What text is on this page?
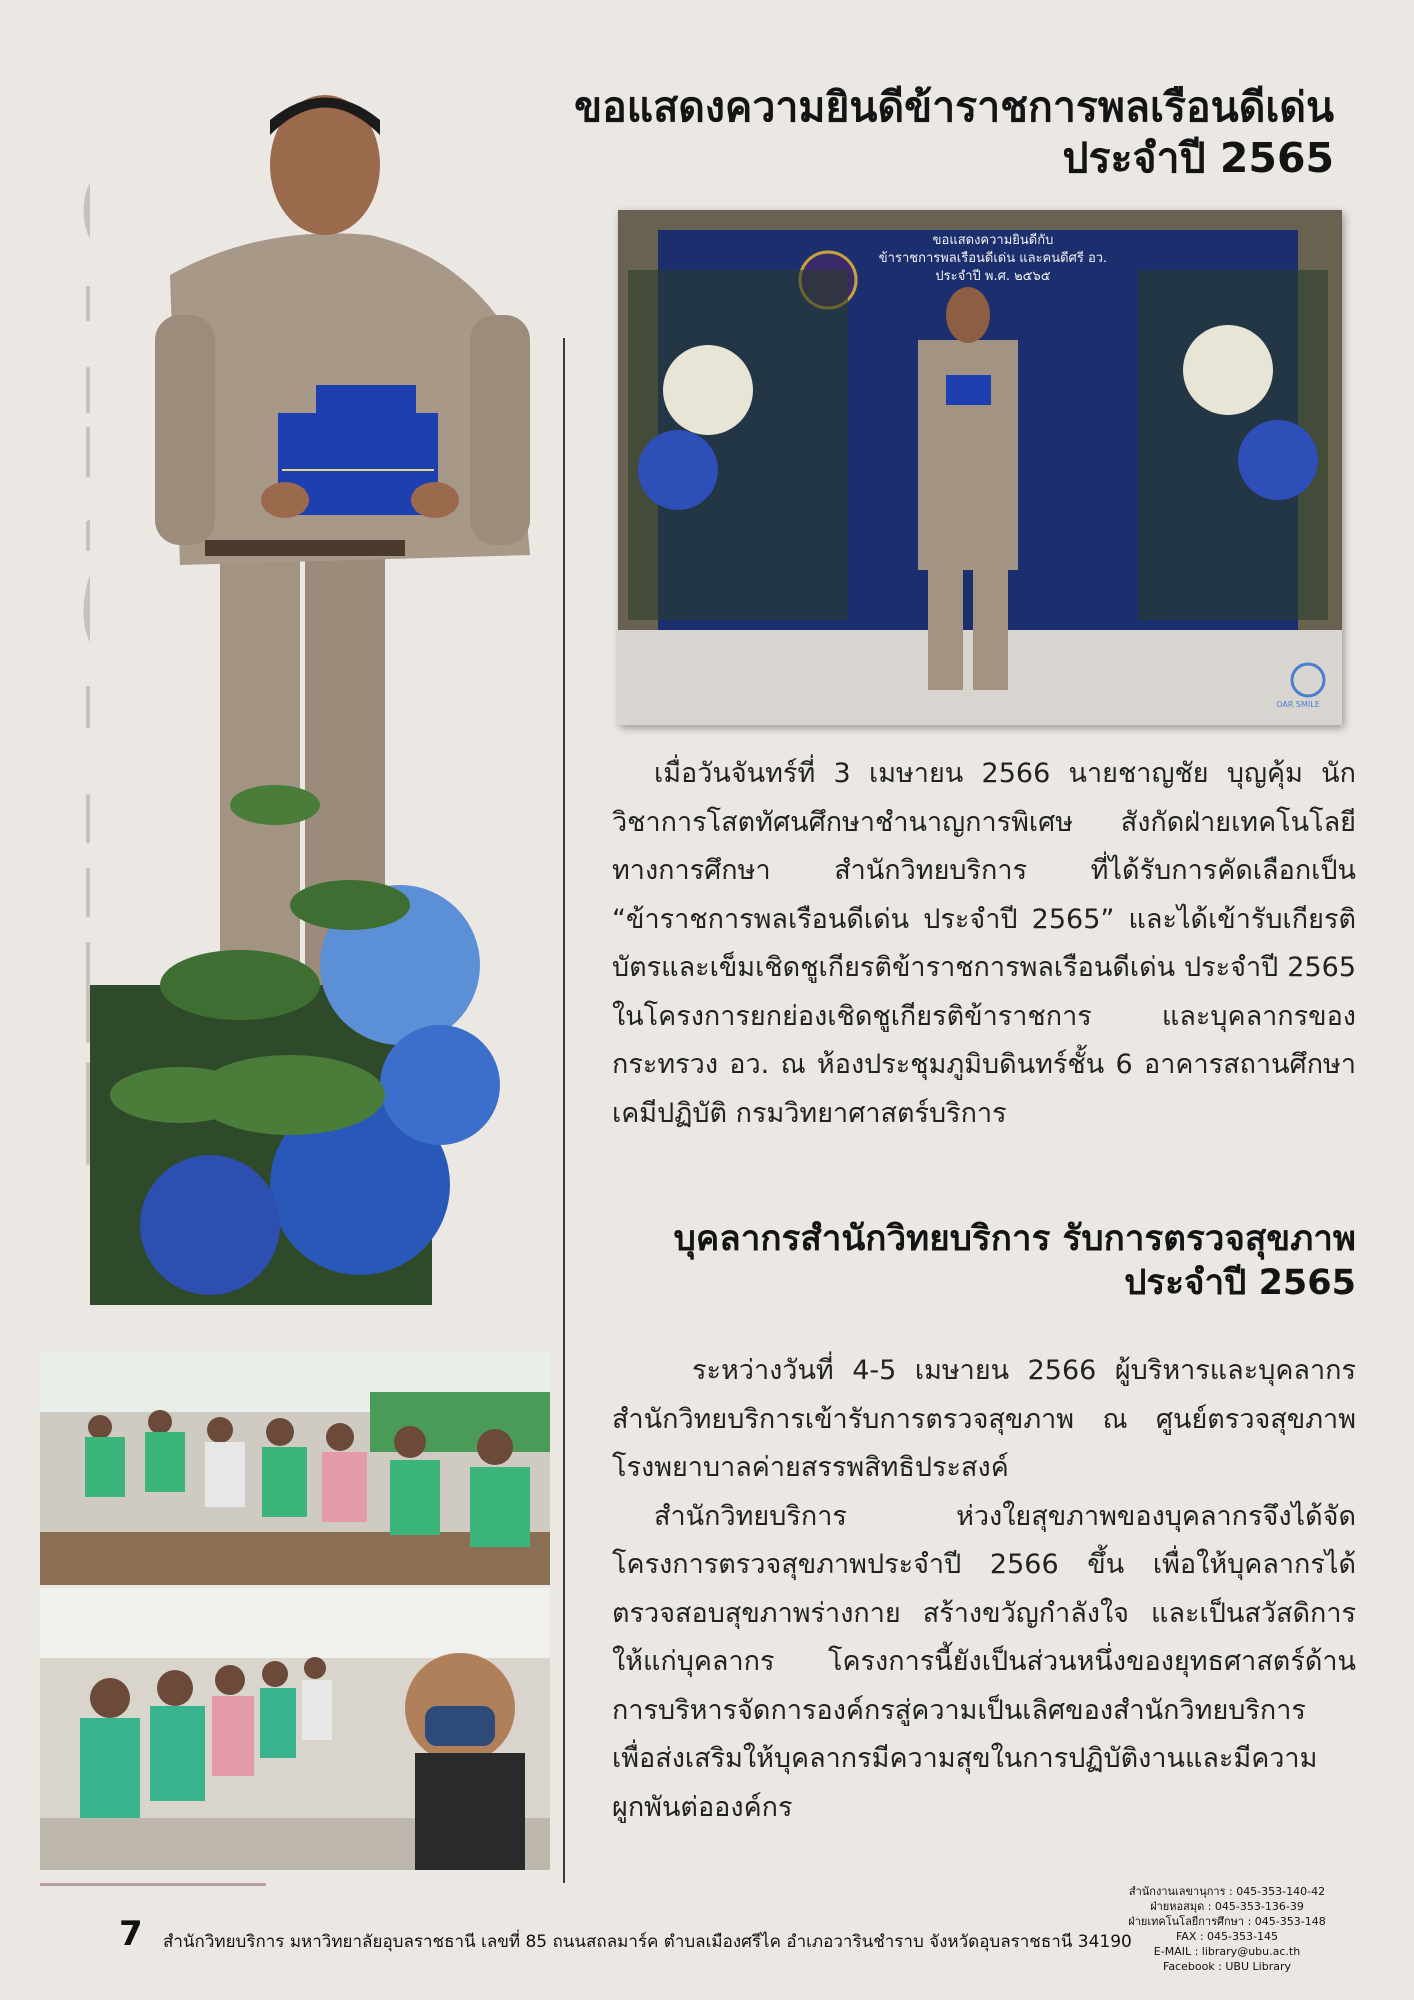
ขอแสดงความยินดีข้าราชการพลเรือนดีเด่น
ประจำปี 2565
ขอแสดงความยินดีกับ
ข้าราชการพลเรือนดีเด่น และคนดีศรี อว.
ประจำปี พ.ศ. ๒๕๖๕
OAR SMILE

เมื่อวันจันทร์ที่ 3 เมษายน 2566 นายชาญชัย บุญคุ้ม นักวิชาการโสตทัศนศึกษาชำนาญการพิเศษ สังกัดฝ่ายเทคโนโลยีทางการศึกษา สำนักวิทยบริการ ที่ได้รับการคัดเลือกเป็น “ข้าราชการพลเรือนดีเด่น ประจำปี 2565” และได้เข้ารับเกียรติบัตรและเข็มเชิดชูเกียรติข้าราชการพลเรือนดีเด่น ประจำปี 2565 ในโครงการยกย่องเชิดชูเกียรติข้าราชการ และบุคลากรของกระทรวง อว. ณ ห้องประชุมภูมิบดินทร์ชั้น 6 อาคารสถานศึกษาเคมีปฏิบัติ กรมวิทยาศาสตร์บริการ

บุคลากรสำนักวิทยบริการ รับการตรวจสุขภาพ
ประจำปี 2565

ระหว่างวันที่ 4-5 เมษายน 2566 ผู้บริหารและบุคลากรสำนักวิทยบริการเข้ารับการตรวจสุขภาพ ณ ศูนย์ตรวจสุขภาพ โรงพยาบาลค่ายสรรพสิทธิประสงค์

สำนักวิทยบริการ ห่วงใยสุขภาพของบุคลากรจึงได้จัดโครงการตรวจสุขภาพประจำปี 2566 ขึ้น เพื่อให้บุคลากรได้ตรวจสอบสุขภาพร่างกาย สร้างขวัญกำลังใจ และเป็นสวัสดิการให้แก่บุคลากร โครงการนี้ยังเป็นส่วนหนึ่งของยุทธศาสตร์ด้านการบริหารจัดการองค์กรสู่ความเป็นเลิศของสำนักวิทยบริการ เพื่อส่งเสริมให้บุคลากรมีความสุขในการปฏิบัติงานและมีความผูกพันต่อองค์กร

7 สำนักวิทยบริการ มหาวิทยาลัยอุบลราชธานี เลขที่ 85 ถนนสถลมาร์ค ตำบลเมืองศรีไค อำเภอวารินชำราบ จังหวัดอุบลราชธานี 34190
สำนักงานเลขานุการ : 045-353-140-42
ฝ่ายหอสมุด : 045-353-136-39
ฝ่ายเทคโนโลยีการศึกษา : 045-353-148
FAX : 045-353-145
E-MAIL : library@ubu.ac.th
Facebook : UBU Library
